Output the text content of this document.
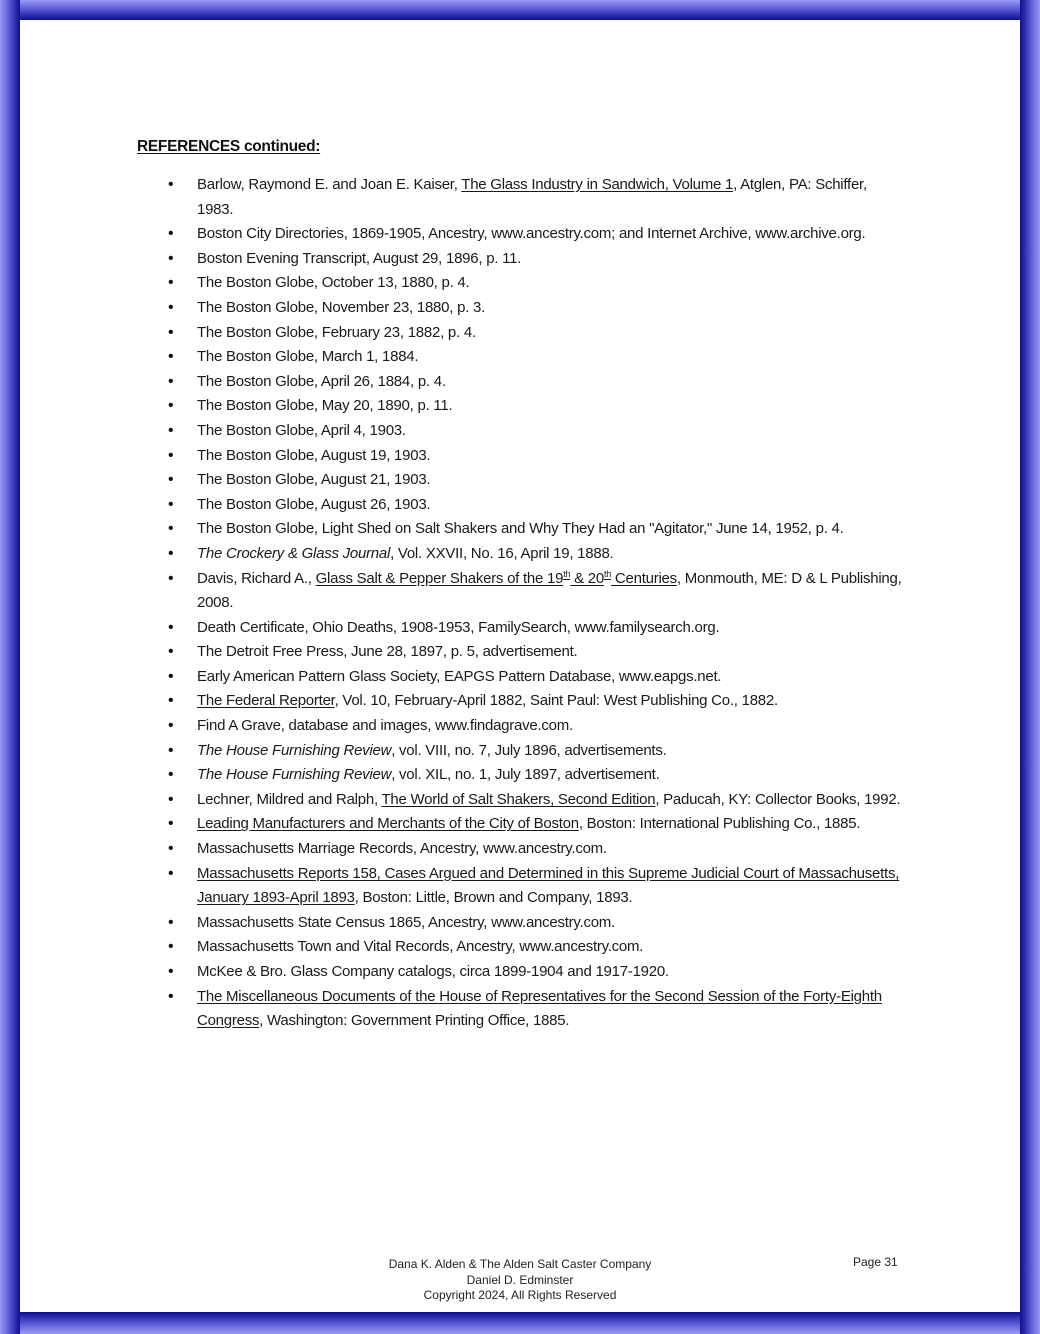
REFERENCES continued:
• Barlow, Raymond E. and Joan E. Kaiser, The Glass Industry in Sandwich, Volume 1, Atglen, PA: Schiffer, 1983.
• Boston City Directories, 1869-1905, Ancestry, www.ancestry.com; and Internet Archive, www.archive.org.
• Boston Evening Transcript, August 29, 1896, p. 11.
• The Boston Globe, October 13, 1880, p. 4.
• The Boston Globe, November 23, 1880, p. 3.
• The Boston Globe, February 23, 1882, p. 4.
• The Boston Globe, March 1, 1884.
• The Boston Globe, April 26, 1884, p. 4.
• The Boston Globe, May 20, 1890, p. 11.
• The Boston Globe, April 4, 1903.
• The Boston Globe, August 19, 1903.
• The Boston Globe, August 21, 1903.
• The Boston Globe, August 26, 1903.
• The Boston Globe, Light Shed on Salt Shakers and Why They Had an "Agitator," June 14, 1952, p. 4.
• The Crockery & Glass Journal, Vol. XXVII, No. 16, April 19, 1888.
• Davis, Richard A., Glass Salt & Pepper Shakers of the 19th & 20th Centuries, Monmouth, ME: D & L Publishing, 2008.
• Death Certificate, Ohio Deaths, 1908-1953, FamilySearch, www.familysearch.org.
• The Detroit Free Press, June 28, 1897, p. 5, advertisement.
• Early American Pattern Glass Society, EAPGS Pattern Database, www.eapgs.net.
• The Federal Reporter, Vol. 10, February-April 1882, Saint Paul: West Publishing Co., 1882.
• Find A Grave, database and images, www.findagrave.com.
• The House Furnishing Review, vol. VIII, no. 7, July 1896, advertisements.
• The House Furnishing Review, vol. XIL, no. 1, July 1897, advertisement.
• Lechner, Mildred and Ralph, The World of Salt Shakers, Second Edition, Paducah, KY: Collector Books, 1992.
• Leading Manufacturers and Merchants of the City of Boston, Boston: International Publishing Co., 1885.
• Massachusetts Marriage Records, Ancestry, www.ancestry.com.
• Massachusetts Reports 158, Cases Argued and Determined in this Supreme Judicial Court of Massachusetts, January 1893-April 1893, Boston: Little, Brown and Company, 1893.
• Massachusetts State Census 1865, Ancestry, www.ancestry.com.
• Massachusetts Town and Vital Records, Ancestry, www.ancestry.com.
• McKee & Bro. Glass Company catalogs, circa 1899-1904 and 1917-1920.
• The Miscellaneous Documents of the House of Representatives for the Second Session of the Forty-Eighth Congress, Washington: Government Printing Office, 1885.
Dana K. Alden & The Alden Salt Caster Company
Daniel D. Edminster
Copyright 2024, All Rights Reserved
Page 31
